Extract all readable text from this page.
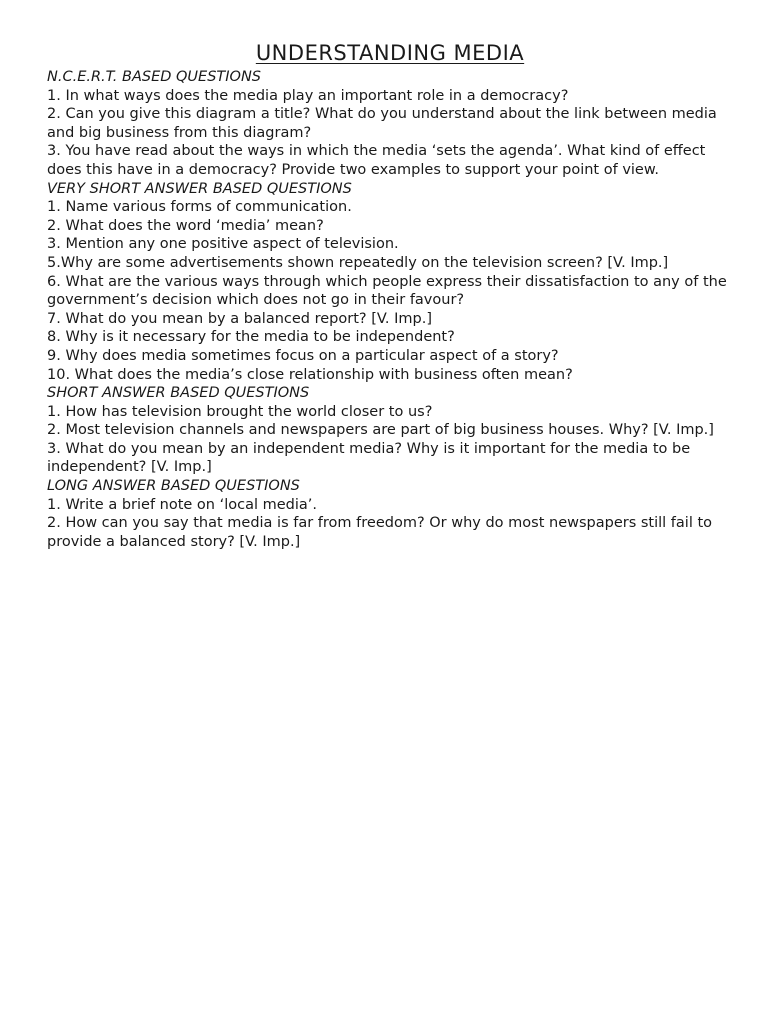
UNDERSTANDING MEDIA

N.C.E.R.T. BASED QUESTIONS

1. In what ways does the media play an important role in a democracy?

2. Can you give this diagram a title? What do you understand about the link between media and big business from this diagram?

3. You have read about the ways in which the media ‘sets the agenda’. What kind of effect does this have in a democracy? Provide two examples to support your point of view.

VERY SHORT ANSWER BASED QUESTIONS

1. Name various forms of communication.

2. What does the word ‘media’ mean?

3. Mention any one positive aspect of television.

5.Why are some advertisements shown repeatedly on the television screen? [V. Imp.]

6. What are the various ways through which people express their dissatisfaction to any of the government’s decision which does not go in their favour?

7. What do you mean by a balanced report? [V. Imp.]

8. Why is it necessary for the media to be independent?

9. Why does media sometimes focus on a particular aspect of a story?

10. What does the media’s close relationship with business often mean?

SHORT ANSWER BASED QUESTIONS

1. How has television brought the world closer to us?

2. Most television channels and newspapers are part of big business houses. Why? [V. Imp.]

3. What do you mean by an independent media? Why is it important for the media to be independent? [V. Imp.]

LONG ANSWER BASED QUESTIONS

1. Write a brief note on ‘local media’.

2. How can you say that media is far from freedom? Or why do most newspapers still fail to provide a balanced story? [V. Imp.]
